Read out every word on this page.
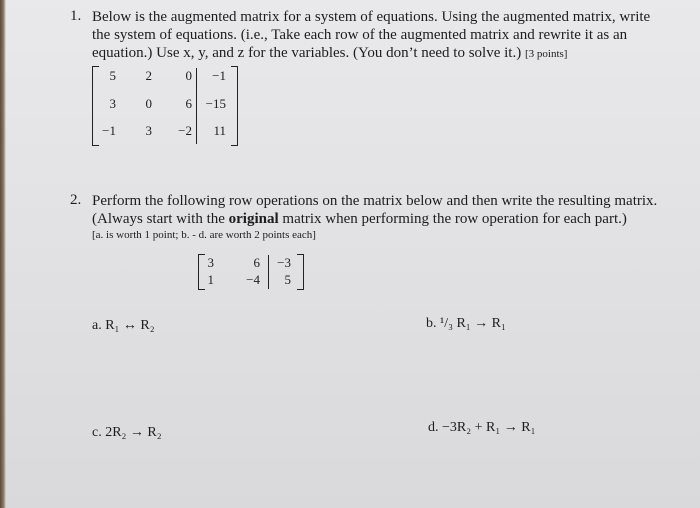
1. Below is the augmented matrix for a system of equations. Using the augmented matrix, write
the system of equations. (i.e., Take each row of the augmented matrix and rewrite it as an
equation.) Use x, y, and z for the variables. (You don’t need to solve it.) [3 points]
5	2	0	−1
3	0	6	−15
−1	3	−2	11
2. Perform the following row operations on the matrix below and then write the resulting matrix.
(Always start with the original matrix when performing the row operation for each part.)
[a. is worth 1 point; b. - d. are worth 2 points each]
3	6	−3
1	−4	5
a. R₁ ↔ R₂	b. ¹/₃ R₁ → R₁
c. 2R₂ → R₂	d. −3R₂ + R₁ → R₁
